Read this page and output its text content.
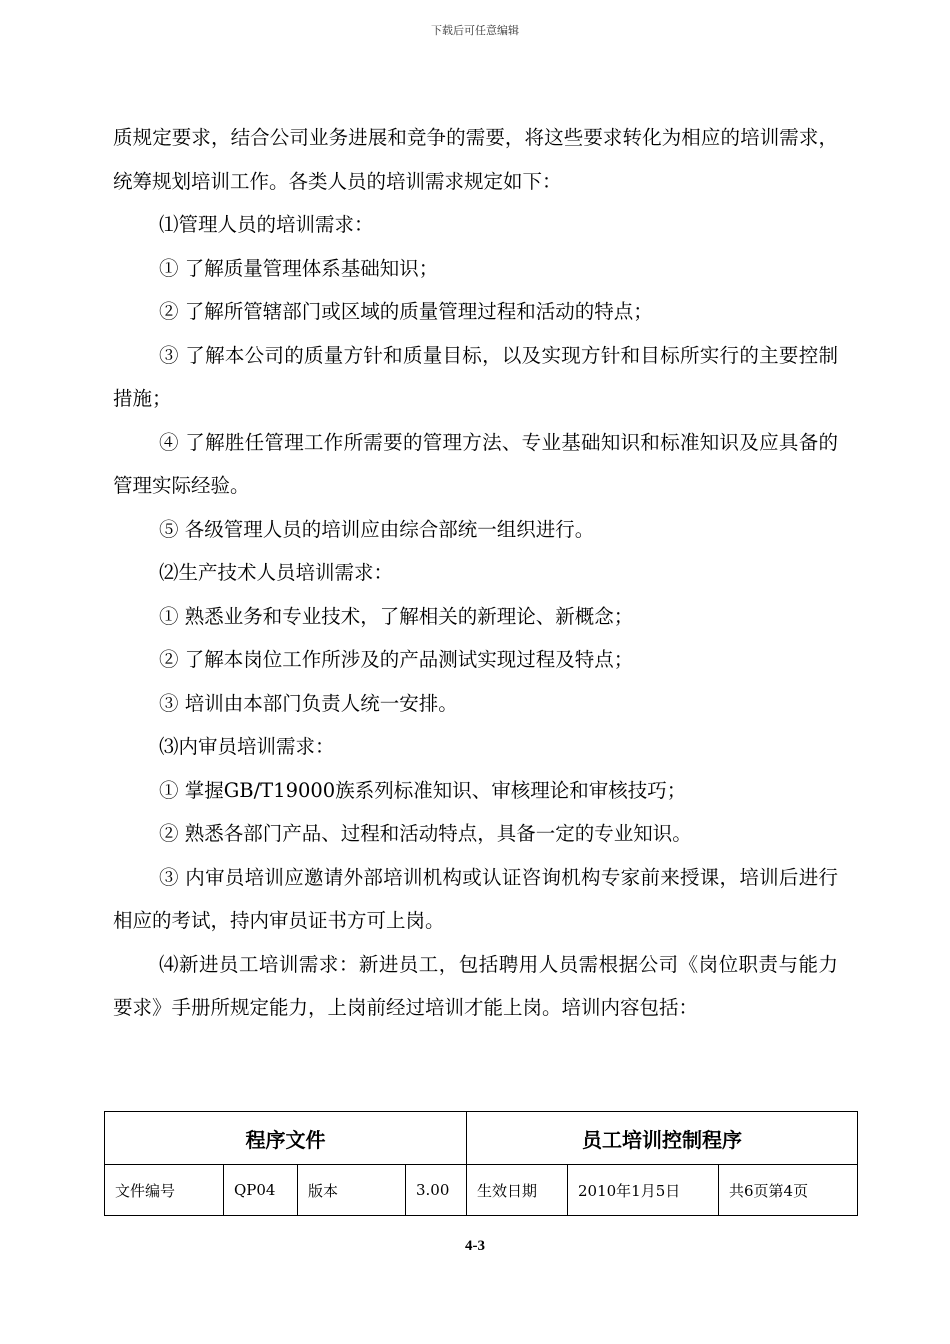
下载后可任意编辑

质规定要求，结合公司业务进展和竞争的需要，将这些要求转化为相应的培训需求，统筹规划培训工作。各类人员的培训需求规定如下：

⑴管理人员的培训需求：

① 了解质量管理体系基础知识；

② 了解所管辖部门或区域的质量管理过程和活动的特点；

③ 了解本公司的质量方针和质量目标，以及实现方针和目标所实行的主要控制措施；

④ 了解胜任管理工作所需要的管理方法、专业基础知识和标准知识及应具备的管理实际经验。

⑤ 各级管理人员的培训应由综合部统一组织进行。

⑵生产技术人员培训需求：

① 熟悉业务和专业技术，了解相关的新理论、新概念；

② 了解本岗位工作所涉及的产品测试实现过程及特点；

③ 培训由本部门负责人统一安排。

⑶内审员培训需求：

① 掌握GB/T19000族系列标准知识、审核理论和审核技巧；

② 熟悉各部门产品、过程和活动特点，具备一定的专业知识。

③ 内审员培训应邀请外部培训机构或认证咨询机构专家前来授课，培训后进行相应的考试，持内审员证书方可上岗。

⑷新进员工培训需求：新进员工，包括聘用人员需根据公司《岗位职责与能力要求》手册所规定能力，上岗前经过培训才能上岗。培训内容包括：

程序文件				员工培训控制程序		
文件编号	QP04	版本	3.00	生效日期	2010年1月5日	共6页第4页
4-3
